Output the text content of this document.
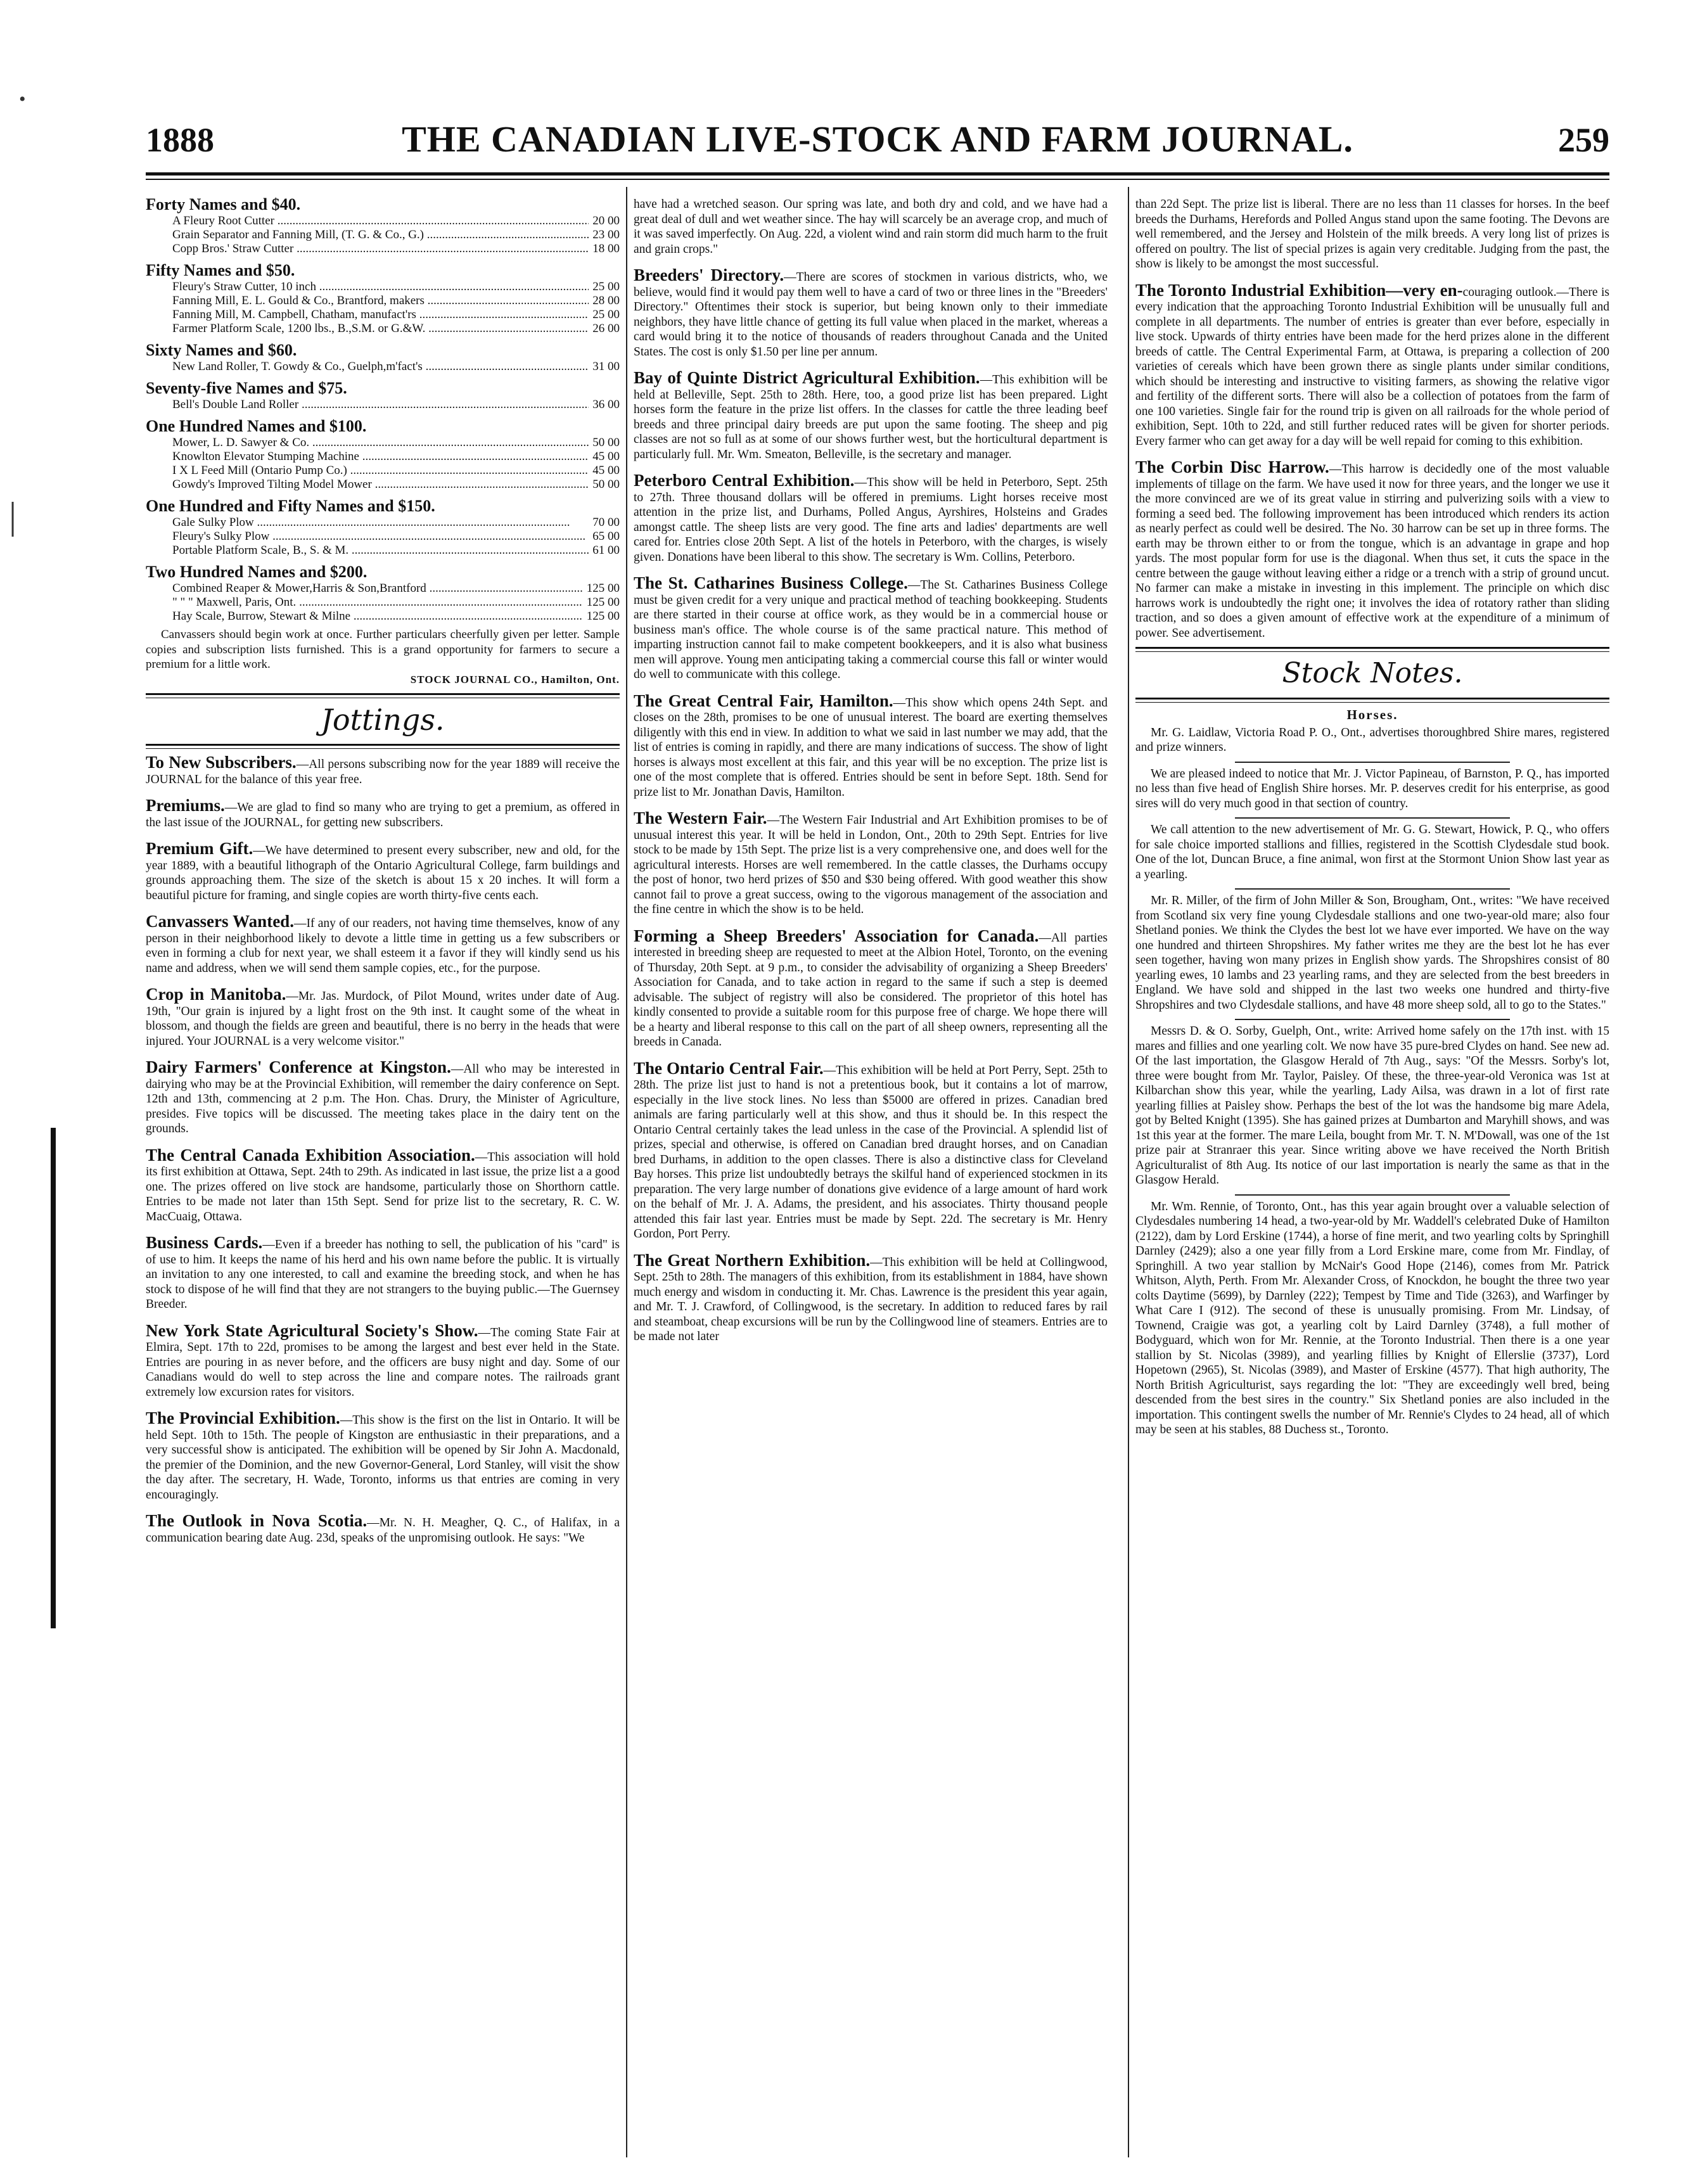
1888	THE CANADIAN LIVE-STOCK AND FARM JOURNAL.	259
•
|
Forty Names and $40.
A Fleury Root Cutter .....	20 00
Grain Separator and Fanning Mill, (T. G. & Co., G.) .....	23 00
Copp Bros.' Straw Cutter .....	18 00
Fifty Names and $50.
Fleury's Straw Cutter, 10 inch .....	25 00
Fanning Mill, E. L. Gould & Co., Brantford, makers .....	28 00
Fanning Mill, M. Campbell, Chatham, manufact'rs .....	25 00
Farmer Platform Scale, 1200 lbs., B.,S.M. or G.&W. .....	26 00
Sixty Names and $60.
New Land Roller, T. Gowdy & Co., Guelph,m'fact's .....	31 00
Seventy-five Names and $75.
Bell's Double Land Roller .....	36 00
One Hundred Names and $100.
Mower, L. D. Sawyer & Co. .....	50 00
Knowlton Elevator Stumping Machine .....	45 00
I X L Feed Mill (Ontario Pump Co.) .....	45 00
Gowdy's Improved Tilting Model Mower .....	50 00
One Hundred and Fifty Names and $150.
Gale Sulky Plow .....	70 00
Fleury's Sulky Plow .....	65 00
Portable Platform Scale, B., S. & M. .....	61 00
Two Hundred Names and $200.
Combined Reaper & Mower,Harris & Son,Brantford .....	125 00
" " " Maxwell, Paris, Ont. .....	125 00
Hay Scale, Burrow, Stewart & Milne .....	125 00
Canvassers should begin work at once. Further particulars cheerfully given per letter. Sample copies and subscription lists furnished. This is a grand opportunity for farmers to secure a premium for a little work.
STOCK JOURNAL CO., Hamilton, Ont.
Jottings.

To New Subscribers.—All persons subscribing now for the year 1889 will receive the JOURNAL for the balance of this year free.

Premiums.—We are glad to find so many who are trying to get a premium, as offered in the last issue of the JOURNAL, for getting new subscribers.

Premium Gift.—We have determined to present every subscriber, new and old, for the year 1889, with a beautiful lithograph of the Ontario Agricultural College, farm buildings and grounds approaching them. The size of the sketch is about 15 x 20 inches. It will form a beautiful picture for framing, and single copies are worth thirty-five cents each.

Canvassers Wanted.—If any of our readers, not having time themselves, know of any person in their neighborhood likely to devote a little time in getting us a few subscribers or even in forming a club for next year, we shall esteem it a favor if they will kindly send us his name and address, when we will send them sample copies, etc., for the purpose.

Crop in Manitoba.—Mr. Jas. Murdock, of Pilot Mound, writes under date of Aug. 19th, "Our grain is injured by a light frost on the 9th inst. It caught some of the wheat in blossom, and though the fields are green and beautiful, there is no berry in the heads that were injured. Your JOURNAL is a very welcome visitor."

Dairy Farmers' Conference at Kingston.—All who may be interested in dairying who may be at the Provincial Exhibition, will remember the dairy conference on Sept. 12th and 13th, commencing at 2 p.m. The Hon. Chas. Drury, the Minister of Agriculture, presides. Five topics will be discussed. The meeting takes place in the dairy tent on the grounds.

The Central Canada Exhibition Association.—This association will hold its first exhibition at Ottawa, Sept. 24th to 29th. As indicated in last issue, the prize list a a good one. The prizes offered on live stock are handsome, particularly those on Shorthorn cattle. Entries to be made not later than 15th Sept. Send for prize list to the secretary, R. C. W. MacCuaig, Ottawa.

Business Cards.—Even if a breeder has nothing to sell, the publication of his "card" is of use to him. It keeps the name of his herd and his own name before the public. It is virtually an invitation to any one interested, to call and examine the breeding stock, and when he has stock to dispose of he will find that they are not strangers to the buying public.—The Guernsey Breeder.

New York State Agricultural Society's Show.—The coming State Fair at Elmira, Sept. 17th to 22d, promises to be among the largest and best ever held in the State. Entries are pouring in as never before, and the officers are busy night and day. Some of our Canadians would do well to step across the line and compare notes. The railroads grant extremely low excursion rates for visitors.

The Provincial Exhibition.—This show is the first on the list in Ontario. It will be held Sept. 10th to 15th. The people of Kingston are enthusiastic in their preparations, and a very successful show is anticipated. The exhibition will be opened by Sir John A. Macdonald, the premier of the Dominion, and the new Governor-General, Lord Stanley, will visit the show the day after. The secretary, H. Wade, Toronto, informs us that entries are coming in very encouragingly.

The Outlook in Nova Scotia.—Mr. N. H. Meagher, Q. C., of Halifax, in a communication bearing date Aug. 23d, speaks of the unpromising outlook. He says: "We

have had a wretched season. Our spring was late, and both dry and cold, and we have had a great deal of dull and wet weather since. The hay will scarcely be an average crop, and much of it was saved imperfectly. On Aug. 22d, a violent wind and rain storm did much harm to the fruit and grain crops."

Breeders' Directory.—There are scores of stockmen in various districts, who, we believe, would find it would pay them well to have a card of two or three lines in the "Breeders' Directory." Oftentimes their stock is superior, but being known only to their immediate neighbors, they have little chance of getting its full value when placed in the market, whereas a card would bring it to the notice of thousands of readers throughout Canada and the United States. The cost is only $1.50 per line per annum.

Bay of Quinte District Agricultural Exhibition.—This exhibition will be held at Belleville, Sept. 25th to 28th. Here, too, a good prize list has been prepared. Light horses form the feature in the prize list offers. In the classes for cattle the three leading beef breeds and three principal dairy breeds are put upon the same footing. The sheep and pig classes are not so full as at some of our shows further west, but the horticultural department is particularly full. Mr. Wm. Smeaton, Belleville, is the secretary and manager.

Peterboro Central Exhibition.—This show will be held in Peterboro, Sept. 25th to 27th. Three thousand dollars will be offered in premiums. Light horses receive most attention in the prize list, and Durhams, Polled Angus, Ayrshires, Holsteins and Grades amongst cattle. The sheep lists are very good. The fine arts and ladies' departments are well cared for. Entries close 20th Sept. A list of the hotels in Peterboro, with the charges, is wisely given. Donations have been liberal to this show. The secretary is Wm. Collins, Peterboro.

The St. Catharines Business College.—The St. Catharines Business College must be given credit for a very unique and practical method of teaching bookkeeping. Students are there started in their course at office work, as they would be in a commercial house or business man's office. The whole course is of the same practical nature. This method of imparting instruction cannot fail to make competent bookkeepers, and it is also what business men will approve. Young men anticipating taking a commercial course this fall or winter would do well to communicate with this college.

The Great Central Fair, Hamilton.—This show which opens 24th Sept. and closes on the 28th, promises to be one of unusual interest. The board are exerting themselves diligently with this end in view. In addition to what we said in last number we may add, that the list of entries is coming in rapidly, and there are many indications of success. The show of light horses is always most excellent at this fair, and this year will be no exception. The prize list is one of the most complete that is offered. Entries should be sent in before Sept. 18th. Send for prize list to Mr. Jonathan Davis, Hamilton.

The Western Fair.—The Western Fair Industrial and Art Exhibition promises to be of unusual interest this year. It will be held in London, Ont., 20th to 29th Sept. Entries for live stock to be made by 15th Sept. The prize list is a very comprehensive one, and does well for the agricultural interests. Horses are well remembered. In the cattle classes, the Durhams occupy the post of honor, two herd prizes of $50 and $30 being offered. With good weather this show cannot fail to prove a great success, owing to the vigorous management of the association and the fine centre in which the show is to be held.

Forming a Sheep Breeders' Association for Canada.—All parties interested in breeding sheep are requested to meet at the Albion Hotel, Toronto, on the evening of Thursday, 20th Sept. at 9 p.m., to consider the advisability of organizing a Sheep Breeders' Association for Canada, and to take action in regard to the same if such a step is deemed advisable. The subject of registry will also be considered. The proprietor of this hotel has kindly consented to provide a suitable room for this purpose free of charge. We hope there will be a hearty and liberal response to this call on the part of all sheep owners, representing all the breeds in Canada.

The Ontario Central Fair.—This exhibition will be held at Port Perry, Sept. 25th to 28th. The prize list just to hand is not a pretentious book, but it contains a lot of marrow, especially in the live stock lines. No less than $5000 are offered in prizes. Canadian bred animals are faring particularly well at this show, and thus it should be. In this respect the Ontario Central certainly takes the lead unless in the case of the Provincial. A splendid list of prizes, special and otherwise, is offered on Canadian bred draught horses, and on Canadian bred Durhams, in addition to the open classes. There is also a distinctive class for Cleveland Bay horses. This prize list undoubtedly betrays the skilful hand of experienced stockmen in its preparation. The very large number of donations give evidence of a large amount of hard work on the behalf of Mr. J. A. Adams, the president, and his associates. Thirty thousand people attended this fair last year. Entries must be made by Sept. 22d. The secretary is Mr. Henry Gordon, Port Perry.

The Great Northern Exhibition.—This exhibition will be held at Collingwood, Sept. 25th to 28th. The managers of this exhibition, from its establishment in 1884, have shown much energy and wisdom in conducting it. Mr. Chas. Lawrence is the president this year again, and Mr. T. J. Crawford, of Collingwood, is the secretary. In addition to reduced fares by rail and steamboat, cheap excursions will be run by the Collingwood line of steamers. Entries are to be made not later

than 22d Sept. The prize list is liberal. There are no less than 11 classes for horses. In the beef breeds the Durhams, Herefords and Polled Angus stand upon the same footing. The Devons are well remembered, and the Jersey and Holstein of the milk breeds. A very long list of prizes is offered on poultry. The list of special prizes is again very creditable. Judging from the past, the show is likely to be amongst the most successful.

The Toronto Industrial Exhibition—very en-couraging outlook.—There is every indication that the approaching Toronto Industrial Exhibition will be unusually full and complete in all departments. The number of entries is greater than ever before, especially in live stock. Upwards of thirty entries have been made for the herd prizes alone in the different breeds of cattle. The Central Experimental Farm, at Ottawa, is preparing a collection of 200 varieties of cereals which have been grown there as single plants under similar conditions, which should be interesting and instructive to visiting farmers, as showing the relative vigor and fertility of the different sorts. There will also be a collection of potatoes from the farm of one 100 varieties. Single fair for the round trip is given on all railroads for the whole period of exhibition, Sept. 10th to 22d, and still further reduced rates will be given for shorter periods. Every farmer who can get away for a day will be well repaid for coming to this exhibition.

The Corbin Disc Harrow.—This harrow is decidedly one of the most valuable implements of tillage on the farm. We have used it now for three years, and the longer we use it the more convinced are we of its great value in stirring and pulverizing soils with a view to forming a seed bed. The following improvement has been introduced which renders its action as nearly perfect as could well be desired. The No. 30 harrow can be set up in three forms. The earth may be thrown either to or from the tongue, which is an advantage in grape and hop yards. The most popular form for use is the diagonal. When thus set, it cuts the space in the centre between the gauge without leaving either a ridge or a trench with a strip of ground uncut. No farmer can make a mistake in investing in this implement. The principle on which disc harrows work is undoubtedly the right one; it involves the idea of rotatory rather than sliding traction, and so does a given amount of effective work at the expenditure of a minimum of power. See advertisement.

Stock Notes.
Horses.

Mr. G. Laidlaw, Victoria Road P. O., Ont., advertises thoroughbred Shire mares, registered and prize winners.

We are pleased indeed to notice that Mr. J. Victor Papineau, of Barnston, P. Q., has imported no less than five head of English Shire horses. Mr. P. deserves credit for his enterprise, as good sires will do very much good in that section of country.

We call attention to the new advertisement of Mr. G. G. Stewart, Howick, P. Q., who offers for sale choice imported stallions and fillies, registered in the Scottish Clydesdale stud book. One of the lot, Duncan Bruce, a fine animal, won first at the Stormont Union Show last year as a yearling.

Mr. R. Miller, of the firm of John Miller & Son, Brougham, Ont., writes: "We have received from Scotland six very fine young Clydesdale stallions and one two-year-old mare; also four Shetland ponies. We think the Clydes the best lot we have ever imported. We have on the way one hundred and thirteen Shropshires. My father writes me they are the best lot he has ever seen together, having won many prizes in English show yards. The Shropshires consist of 80 yearling ewes, 10 lambs and 23 yearling rams, and they are selected from the best breeders in England. We have sold and shipped in the last two weeks one hundred and thirty-five Shropshires and two Clydesdale stallions, and have 48 more sheep sold, all to go to the States."

Messrs D. & O. Sorby, Guelph, Ont., write: Arrived home safely on the 17th inst. with 15 mares and fillies and one yearling colt. We now have 35 pure-bred Clydes on hand. See new ad. Of the last importation, the Glasgow Herald of 7th Aug., says: "Of the Messrs. Sorby's lot, three were bought from Mr. Taylor, Paisley. Of these, the three-year-old Veronica was 1st at Kilbarchan show this year, while the yearling, Lady Ailsa, was drawn in a lot of first rate yearling fillies at Paisley show. Perhaps the best of the lot was the handsome big mare Adela, got by Belted Knight (1395). She has gained prizes at Dumbarton and Maryhill shows, and was 1st this year at the former. The mare Leila, bought from Mr. T. N. M'Dowall, was one of the 1st prize pair at Stranraer this year. Since writing above we have received the North British Agriculturalist of 8th Aug. Its notice of our last importation is nearly the same as that in the Glasgow Herald.

Mr. Wm. Rennie, of Toronto, Ont., has this year again brought over a valuable selection of Clydesdales numbering 14 head, a two-year-old by Mr. Waddell's celebrated Duke of Hamilton (2122), dam by Lord Erskine (1744), a horse of fine merit, and two yearling colts by Springhill Darnley (2429); also a one year filly from a Lord Erskine mare, come from Mr. Findlay, of Springhill. A two year stallion by McNair's Good Hope (2146), comes from Mr. Patrick Whitson, Alyth, Perth. From Mr. Alexander Cross, of Knockdon, he bought the three two year colts Daytime (5699), by Darnley (222); Tempest by Time and Tide (3263), and Warfinger by What Care I (912). The second of these is unusually promising. From Mr. Lindsay, of Townend, Craigie was got, a yearling colt by Laird Darnley (3748), a full mother of Bodyguard, which won for Mr. Rennie, at the Toronto Industrial. Then there is a one year stallion by St. Nicolas (3989), and yearling fillies by Knight of Ellerslie (3737), Lord Hopetown (2965), St. Nicolas (3989), and Master of Erskine (4577). That high authority, The North British Agriculturist, says regarding the lot: "They are exceedingly well bred, being descended from the best sires in the country." Six Shetland ponies are also included in the importation. This contingent swells the number of Mr. Rennie's Clydes to 24 head, all of which may be seen at his stables, 88 Duchess st., Toronto.
